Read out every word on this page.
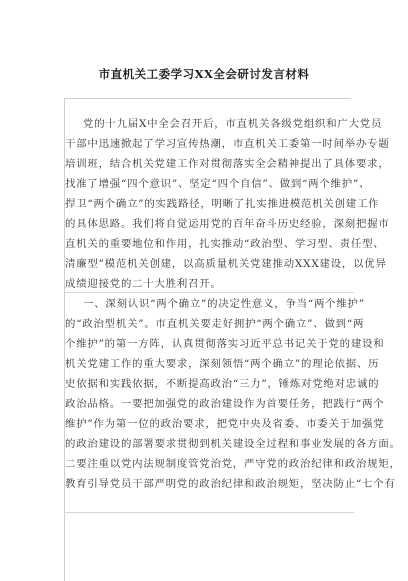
市直机关工委学习XX全会研讨发言材料
党的十九届X中全会召开后，市直机关各级党组织和广大党员
干部中迅速掀起了学习宣传热潮，市直机关工委第一时间举办专题
培训班，结合机关党建工作对贯彻落实全会精神提出了具体要求，
找准了增强“四个意识”、坚定“四个自信”、做到“两个维护”、
捍卫“两个确立”的实践路径，明晰了扎实推进模范机关创建工作
的具体思路。我们将自觉运用党的百年奋斗历史经验，深刻把握市
直机关的重要地位和作用，扎实推动“政治型、学习型、责任型、
清廉型”模范机关创建，以高质量机关党建推动XXX建设，以优异
成绩迎接党的二十大胜利召开。
一、深刻认识“两个确立”的决定性意义，争当“两个维护”
的“政治型机关”。市直机关要走好拥护“两个确立”、做到“两
个维护”的第一方阵，认真贯彻落实习近平总书记关于党的建设和
机关党建工作的重大要求，深刻领悟“两个确立”的理论依据、历
史依据和实践依据，不断提高政治“三力”，锤炼对党绝对忠诚的
政治品格。一要把加强党的政治建设作为首要任务，把践行“两个
维护”作为第一位的政治要求，把党中央及省委、市委关于加强党
的政治建设的部署要求贯彻到机关建设全过程和事业发展的各方面。
二要注重以党内法规制度管党治党，严守党的政治纪律和政治规矩，
教育引导党员干部严明党的政治纪律和政治规矩，坚决防止“七个有
